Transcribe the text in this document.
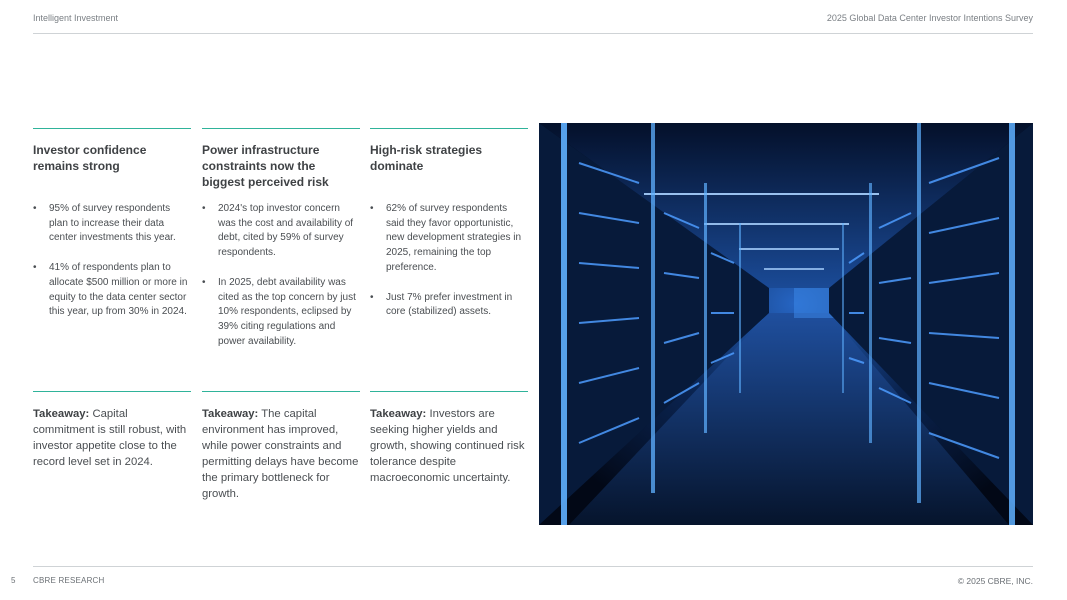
Intelligent Investment	2025 Global Data Center Investor Intentions Survey
Investor confidence remains strong
• 95% of survey respondents plan to increase their data center investments this year.
• 41% of respondents plan to allocate $500 million or more in equity to the data center sector this year, up from 30% in 2024.
Power infrastructure constraints now the biggest perceived risk
• 2024's top investor concern was the cost and availability of debt, cited by 59% of survey respondents.
• In 2025, debt availability was cited as the top concern by just 10% respondents, eclipsed by 39% citing regulations and power availability.
High-risk strategies dominate
• 62% of survey respondents said they favor opportunistic, new development strategies in 2025, remaining the top preference.
• Just 7% prefer investment in core (stabilized) assets.
Takeaway: Capital commitment is still robust, with investor appetite close to the record level set in 2024.
Takeaway: The capital environment has improved, while power constraints and permitting delays have become the primary bottleneck for growth.
Takeaway: Investors are seeking higher yields and growth, showing continued risk tolerance despite macroeconomic uncertainty.
5 CBRE RESEARCH	© 2025 CBRE, INC.
